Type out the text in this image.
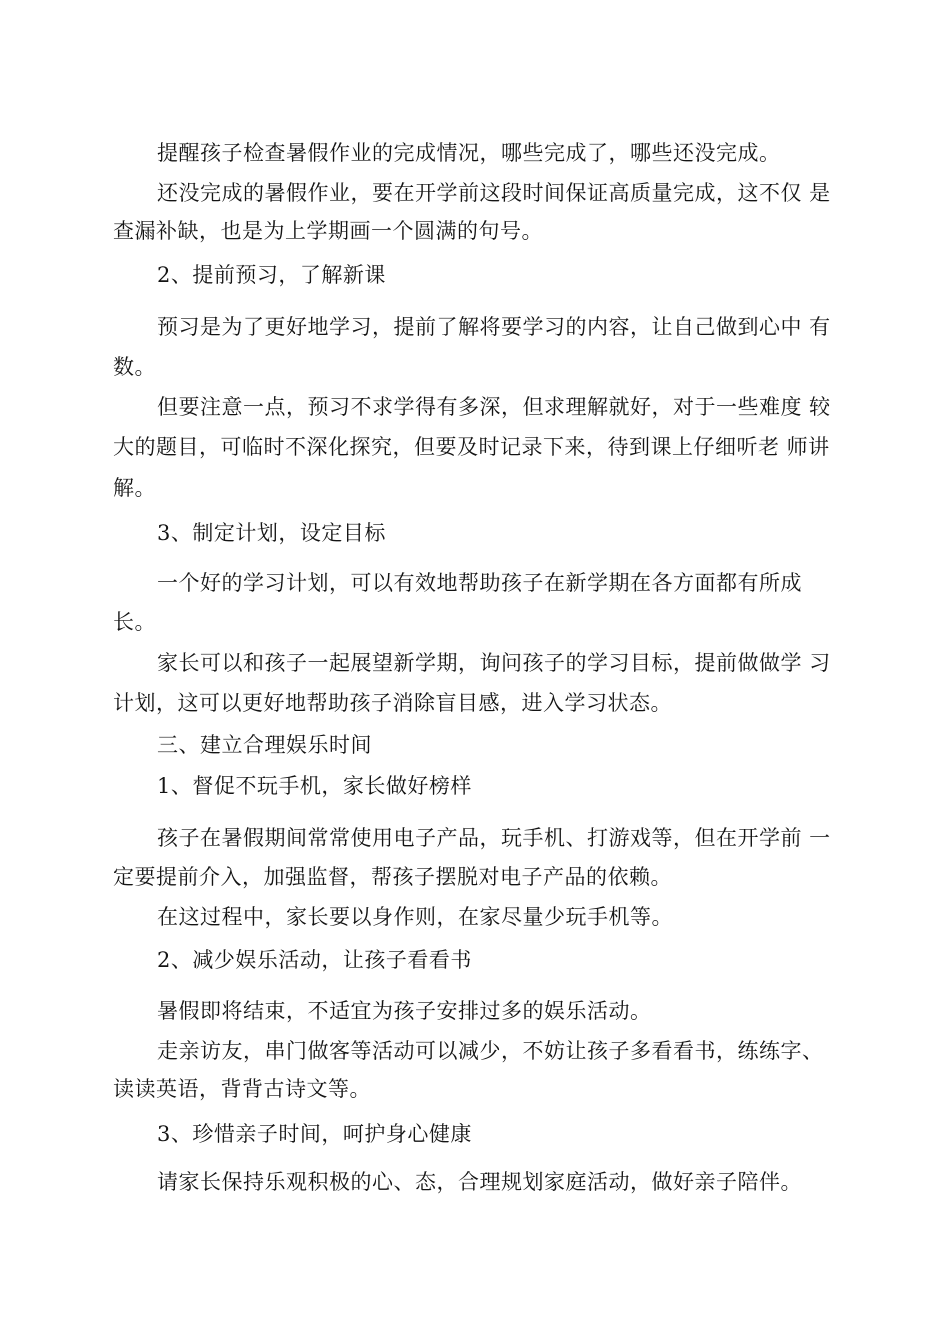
提醒孩子检查暑假作业的完成情况，哪些完成了，哪些还没完成。
还没完成的暑假作业，要在开学前这段时间保证高质量完成，这不仅 是
查漏补缺，也是为上学期画一个圆满的句号。
2、提前预习，了解新课
预习是为了更好地学习，提前了解将要学习的内容，让自己做到心中 有
数。
但要注意一点，预习不求学得有多深，但求理解就好，对于一些难度 较
大的题目，可临时不深化探究，但要及时记录下来，待到课上仔细听老 师讲
解。
3、制定计划，设定目标
一个好的学习计划，可以有效地帮助孩子在新学期在各方面都有所成
长。
家长可以和孩子一起展望新学期，询问孩子的学习目标，提前做做学 习
计划，这可以更好地帮助孩子消除盲目感，进入学习状态。
三、建立合理娱乐时间
1、督促不玩手机，家长做好榜样
孩子在暑假期间常常使用电子产品，玩手机、打游戏等，但在开学前 一
定要提前介入，加强监督，帮孩子摆脱对电子产品的依赖。
在这过程中，家长要以身作则，在家尽量少玩手机等。
2、减少娱乐活动，让孩子看看书
暑假即将结束，不适宜为孩子安排过多的娱乐活动。
走亲访友，串门做客等活动可以减少，不妨让孩子多看看书，练练字、
读读英语，背背古诗文等。
3、珍惜亲子时间，呵护身心健康
请家长保持乐观积极的心、态，合理规划家庭活动，做好亲子陪伴。
